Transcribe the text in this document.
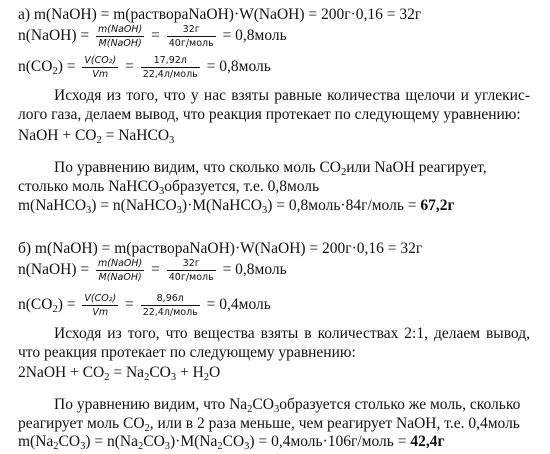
а) m(NaOH) = m(раствораNaOH)·W(NaOH) = 200г·0,16 = 32г
n(NaOH) = $\frac{\text{m(NaOH)}}{\text{M(NaOH)}} = \frac{32г}{\text{40г/моль}}$ = 0,8моль
$n(CO2) = \frac{\text{V(CO₂)}}{Vm} = \frac{17,92л}{\text{22,4л/моль}}$ = 0,8моль
Исходя из того, что у нас взяты равные количества щелочи и углекис-
лого газа, делаем вывод, что реакция протекает по следующему уравнению:
NaOH + CO2 = NaHCO3
По уравнению видим, что сколько моль CO2или NaOH реагирует,
столько моль NaHCO3образуется, т.е. 0,8моль
m(NaHCO3) = n(NaHCO3)·M(NaHCO3) = 0,8моль·84г/моль = 67,2г
б) m(NaOH) = m(раствораNaOH)·W(NaOH) = 200г·0,16 = 32г
n(NaOH) = $\frac{\text{m(NaOH)}}{\text{M(NaOH)}} = \frac{32г}{\text{40г/моль}}$ = 0,8моль
$n(CO2) = \frac{\text{V(CO₂)}}{Vm} = \frac{8,96л}{\text{22,4л/моль}}$ = 0,4моль
Исходя из того, что вещества взяты в количествах 2:1, делаем вывод,
что реакция протекает по следующему уравнению:
2NaOH + CO2 = Na2CO3 + H2O
По уравнению видим, что Na2CO3образуется столько же моль, сколько
реагирует моль CO2, или в 2 раза меньше, чем реагирует NaOH, т.е. 0,4моль
m(Na2CO3) = n(Na2CO3)·M(Na2CO3) = 0,4моль·106г/моль = 42,4г
